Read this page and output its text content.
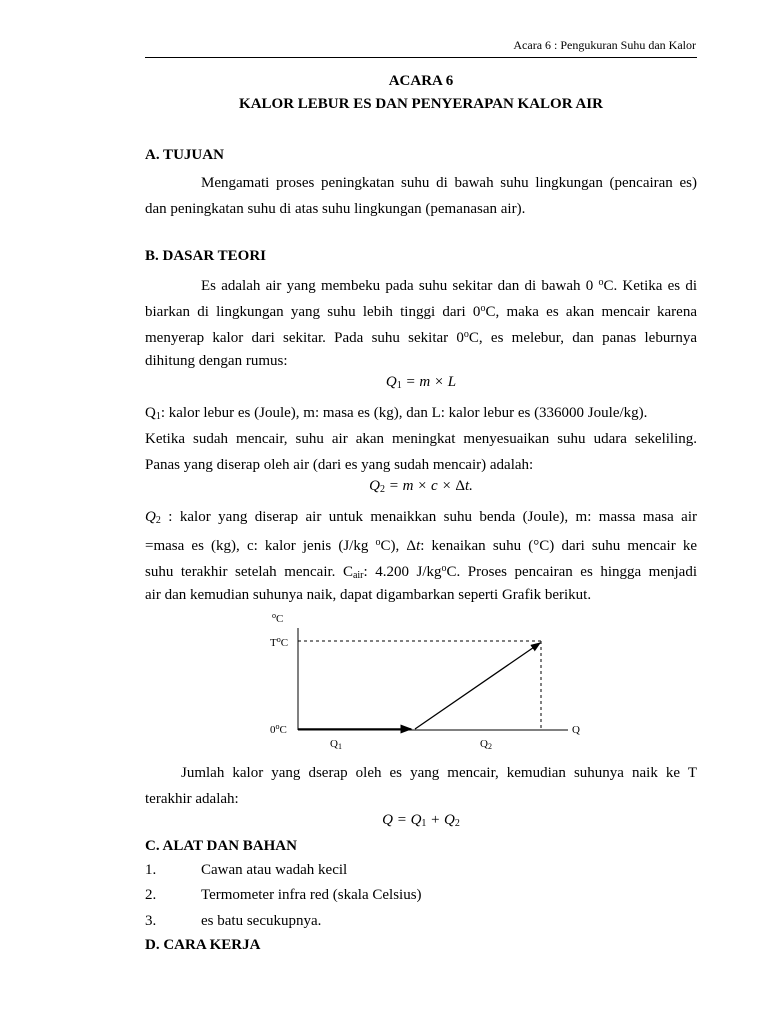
Acara 6 : Pengukuran Suhu dan Kalor
ACARA 6
KALOR LEBUR ES DAN PENYERAPAN KALOR AIR
A. TUJUAN
Mengamati proses peningkatan suhu di bawah suhu lingkungan (pencairan es)
dan peningkatan suhu di atas suhu lingkungan (pemanasan air).
B. DASAR TEORI
Es adalah air yang membeku pada suhu sekitar dan di bawah 0 $^o$C. Ketika es di
biarkan di lingkungan yang suhu lebih tinggi dari 0$^o$C, maka es akan mencair karena
menyerap kalor dari sekitar. Pada suhu sekitar 0$^o$C, es melebur, dan panas leburnya
dihitung dengan rumus:
$Q_1 = m \times L$
$Q_1$: kalor lebur es (Joule), m: masa es (kg), dan L: kalor lebur es (336000 Joule/kg).
Ketika sudah mencair, suhu air akan meningkat menyesuaikan suhu udara sekeliling.
Panas yang diserap oleh air (dari es yang sudah mencair) adalah:
$Q_2 = m \times c \times \Delta t$.
$Q_2$ : kalor yang diserap air untuk menaikkan suhu benda (Joule), m: massa masa air
=masa es (kg), c: kalor jenis (J/kg $^o$C), Δt: kenaikan suhu (°C) dari suhu mencair ke
suhu terakhir setelah mencair. $C_{air}$: 4.200 $J/kg^oC$. Proses pencairan es hingga menjadi
air dan kemudian suhunya naik, dapat digambarkan seperti Grafik berikut.
$^o$C
$T^oC$
0$^o$C	Q
Q1	Q2
Jumlah kalor yang dserap oleh es yang mencair, kemudian suhunya naik ke T
terakhir adalah:
$Q = Q_1 + Q_2$
C. ALAT DAN BAHAN
1.	Cawan atau wadah kecil
2.	Termometer infra red (skala Celsius)
3.	es batu secukupnya.
D. CARA KERJA
